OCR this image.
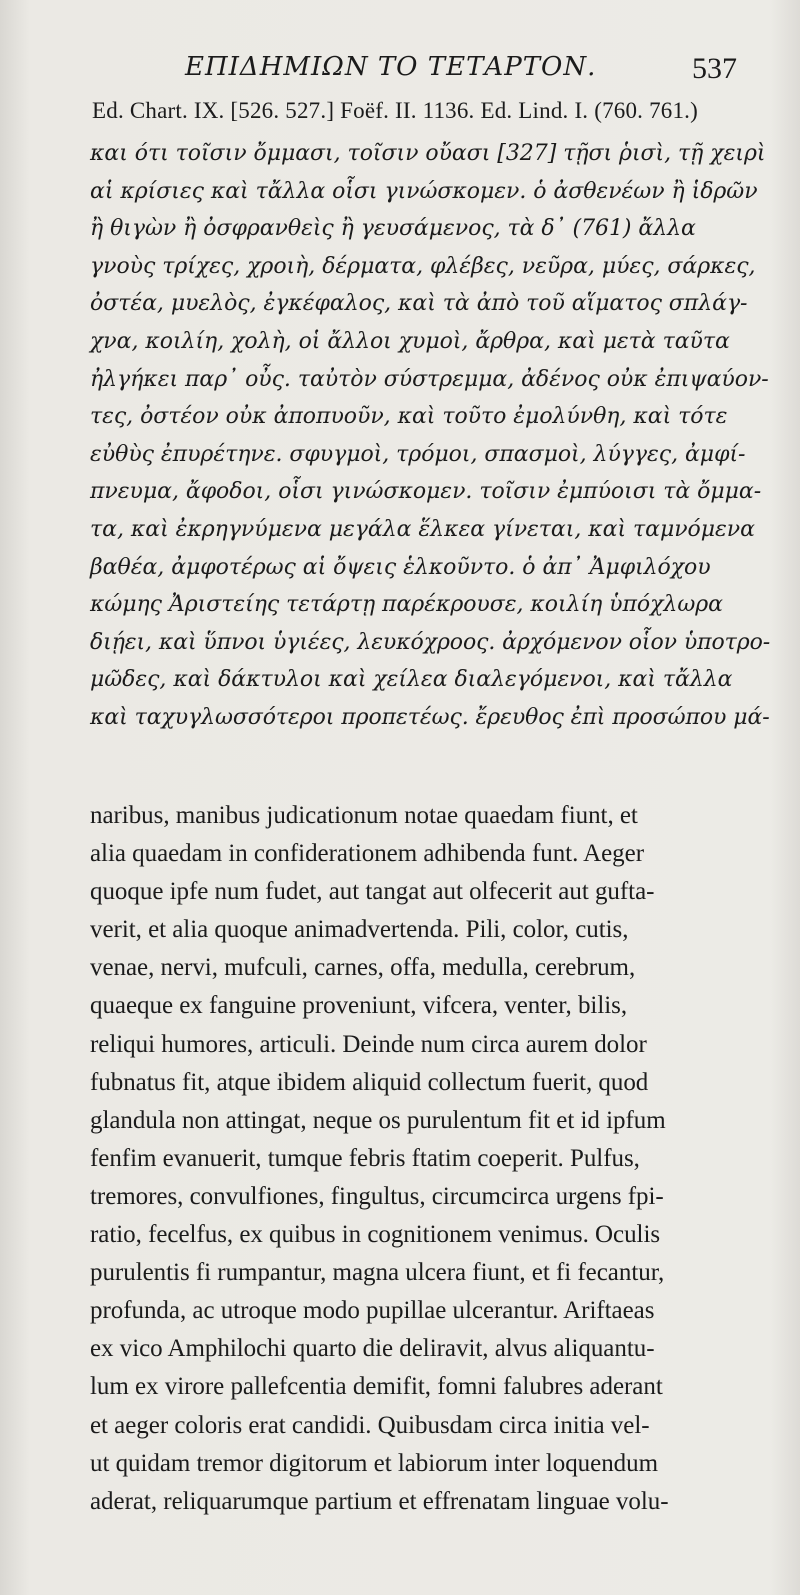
ΕΠΙΔΗΜΙΩΝ ΤΟ ΤΕΤΑΡΤΟΝ.	537
Ed. Chart. IX. [526. 527.] Foëf. II. 1136. Ed. Lind. I. (760. 761.)
και ότι τοῖσιν ὄμμασι, τοῖσιν οὔασι [327] τῇσι ῥισὶ, τῇ χειρὶ
αἱ κρίσιες καὶ τἄλλα οἷσι γινώσκομεν. ὁ ἀσθενέων ἢ ἱδρῶν
ἢ θιγὼν ἢ ὀσφρανθεὶς ἢ γευσάμενος, τὰ δ᾽ (761) ἄλλα
γνοὺς τρίχες, χροιὴ, δέρματα, φλέβες, νεῦρα, μύες, σάρκες,
ὀστέα, μυελὸς, ἐγκέφαλος, καὶ τὰ ἀπὸ τοῦ αἵματος σπλάγ-
χνα, κοιλίη, χολὴ, οἱ ἄλλοι χυμοὶ, ἄρθρα, καὶ μετὰ ταῦτα
ἠλγήκει παρ᾽ οὖς. ταὐτὸν σύστρεμμα, ἀδένος οὐκ ἐπιψαύον-
τες, ὀστέον οὐκ ἀποπυοῦν, καὶ τοῦτο ἐμολύνθη, καὶ τότε
εὐθὺς ἐπυρέτηνε. σφυγμοὶ, τρόμοι, σπασμοὶ, λύγγες, ἀμφί-
πνευμα, ἄφοδοι, οἷσι γινώσκομεν. τοῖσιν ἐμπύοισι τὰ ὄμμα-
τα, καὶ ἐκρηγνύμενα μεγάλα ἕλκεα γίνεται, καὶ ταμνόμενα
βαθέα, ἀμφοτέρως αἱ ὄψεις ἑλκοῦντο. ὁ ἀπ᾽ Ἀμφιλόχου
κώμης Ἀριστείης τετάρτῃ παρέκρουσε, κοιλίη ὑπόχλωρα
διῄει, καὶ ὕπνοι ὑγιέες, λευκόχροος. ἀρχόμενον οἷον ὑποτρο-
μῶδες, καὶ δάκτυλοι καὶ χείλεα διαλεγόμενοι, καὶ τἄλλα
καὶ ταχυγλωσσότεροι προπετέως. ἔρευθος ἐπὶ προσώπου μά-
naribus, manibus judicationum notae quaedam fiunt, et
alia quaedam in confiderationem adhibenda funt. Aeger
quoque ipfe num fudet, aut tangat aut olfecerit aut gufta-
verit, et alia quoque animadvertenda. Pili, color, cutis,
venae, nervi, mufculi, carnes, offa, medulla, cerebrum,
quaeque ex fanguine proveniunt, vifcera, venter, bilis,
reliqui humores, articuli. Deinde num circa aurem dolor
fubnatus fit, atque ibidem aliquid collectum fuerit, quod
glandula non attingat, neque os purulentum fit et id ipfum
fenfim evanuerit, tumque febris ftatim coeperit. Pulfus,
tremores, convulfiones, fingultus, circumcirca urgens fpi-
ratio, fecelfus, ex quibus in cognitionem venimus. Oculis
purulentis fi rumpantur, magna ulcera fiunt, et fi fecantur,
profunda, ac utroque modo pupillae ulcerantur. Ariftaeas
ex vico Amphilochi quarto die deliravit, alvus aliquantu-
lum ex virore pallefcentia demifit, fomni falubres aderant
et aeger coloris erat candidi. Quibusdam circa initia vel-
ut quidam tremor digitorum et labiorum inter loquendum
aderat, reliquarumque partium et effrenatam linguae volu-
